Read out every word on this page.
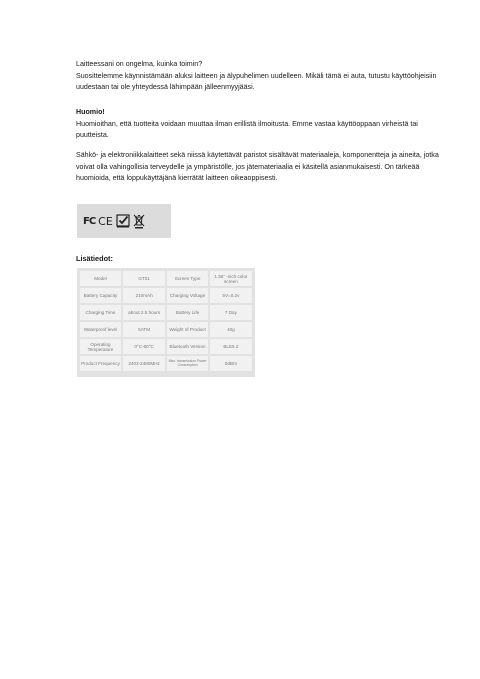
Laitteessani on ongelma, kuinka toimin?

Suosittelemme käynnistämään aluksi laitteen ja älypuhelimen uudelleen. Mikäli tämä ei auta, tutustu käyttöohjeisiin uudestaan tai ole yhteydessä lähimpään jälleenmyyjääsi.

Huomio!

Huomioithan, että tuotteita voidaan muuttaa ilman erillistä ilmoitusta. Emme vastaa käyttöoppaan virheistä tai puutteista.

Sähkö- ja elektroniikkalaitteet sekä niissä käytettävät paristot sisältävät materiaaleja, komponentteja ja aineita, jotka voivat olla vahingollisia terveydelle ja ympäristölle, jos jätemateriaalia ei käsitellä asianmukaisesti. On tärkeää huomioida, että loppukäyttäjänä kierrätät laitteen oikeaoppisesti.

FC CE
Lisätiedot:
Model	GT01	Screen Type	1.55" -inch color screen
Battery Capacity	210mAh	Charging Voltage	5V=0.2v
Charging Time	about 2.5 hours	Battery Life	7 Day
Waterproof level	5ATM	Weight of Product	40g
Operating Temperature	0°C-60°C	Bluetooth Version	BLE5.2
Product Frequency	2402-2480MHz	Max. transmission Power Consumption	0dBm
